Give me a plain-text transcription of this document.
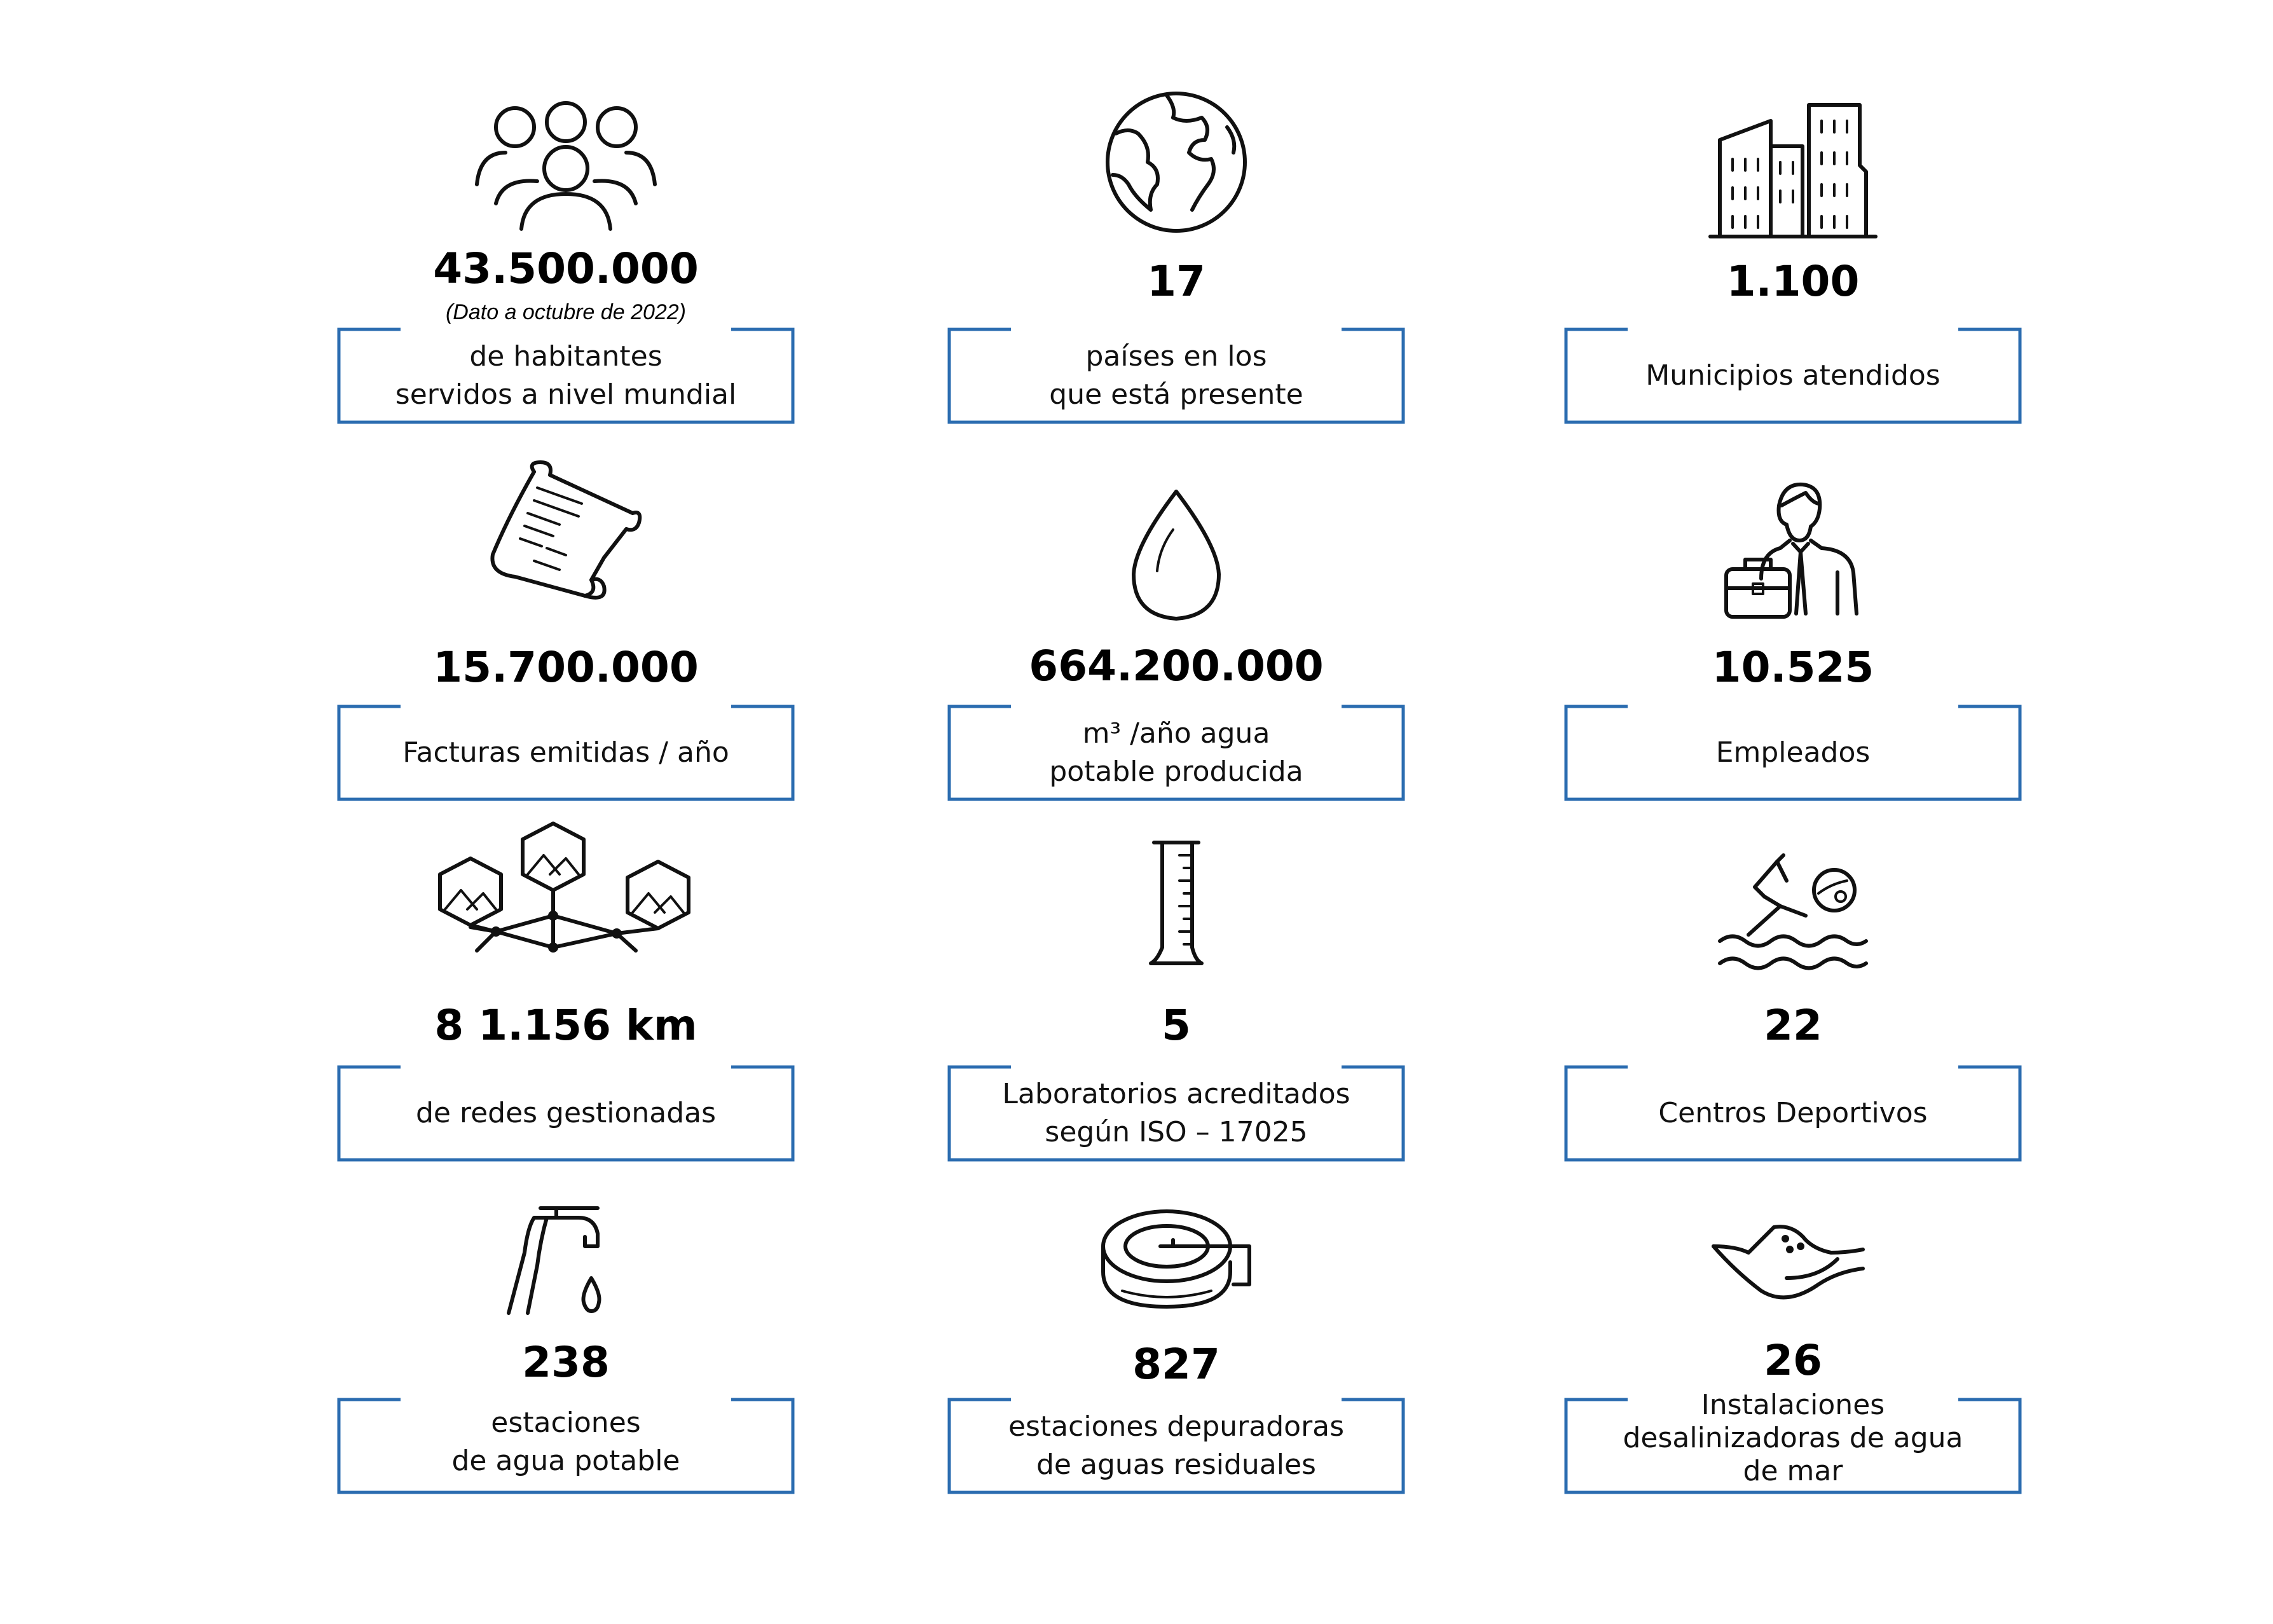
43.500.000
(Dato a octubre de 2022)
de habitantes
servidos a nivel mundial
17
países en los
que está presente
1.100
Municipios atendidos
15.700.000
Facturas emitidas / año
664.200.000
m³ /año agua
potable producida
10.525
Empleados
8 1.156 km
de redes gestionadas
5
Laboratorios acreditados
según ISO – 17025
22
Centros Deportivos
238
estaciones
de agua potable
827
estaciones depuradoras
de aguas residuales
26
Instalaciones
desalinizadoras de agua
de mar
